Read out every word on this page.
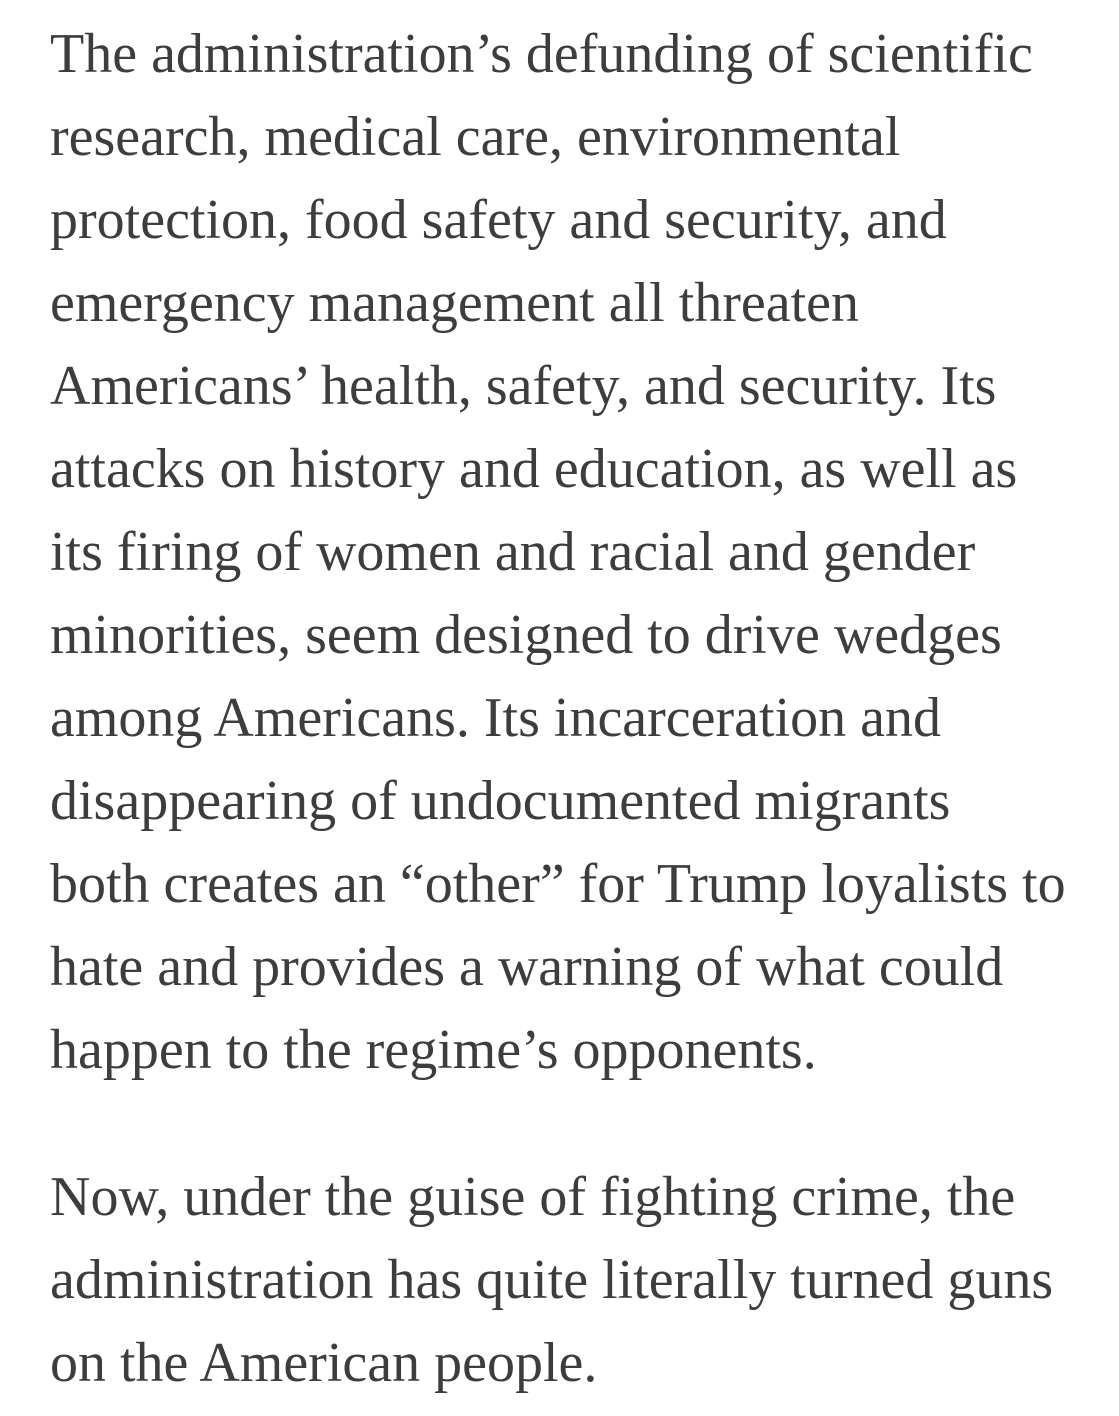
The administration’s defunding of scientific
research, medical care, environmental
protection, food safety and security, and
emergency management all threaten
Americans’ health, safety, and security. Its
attacks on history and education, as well as
its firing of women and racial and gender
minorities, seem designed to drive wedges
among Americans. Its incarceration and
disappearing of undocumented migrants
both creates an “other” for Trump loyalists to
hate and provides a warning of what could
happen to the regime’s opponents.
Now, under the guise of fighting crime, the
administration has quite literally turned guns
on the American people.
